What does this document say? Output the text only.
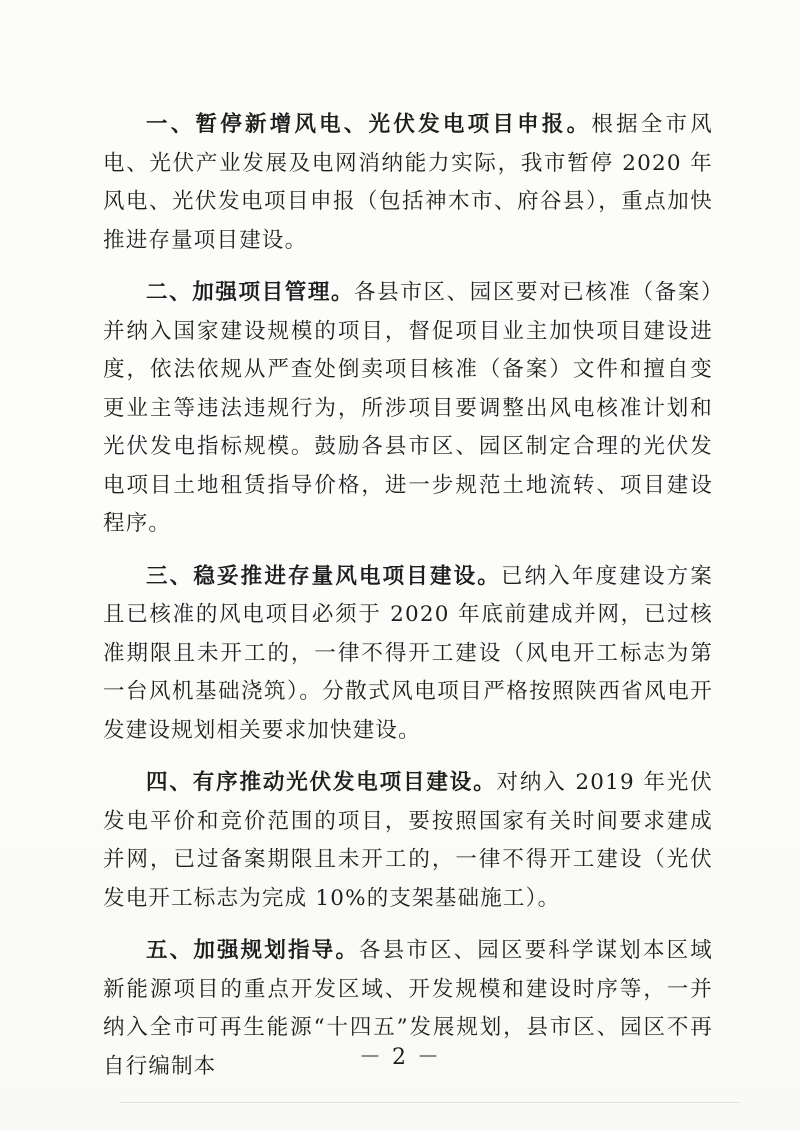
一、暂停新增风电、光伏发电项目申报。根据全市风电、光伏产业发展及电网消纳能力实际，我市暂停 2020 年风电、光伏发电项目申报（包括神木市、府谷县），重点加快推进存量项目建设。

二、加强项目管理。各县市区、园区要对已核准（备案）并纳入国家建设规模的项目，督促项目业主加快项目建设进度，依法依规从严查处倒卖项目核准（备案）文件和擅自变更业主等违法违规行为，所涉项目要调整出风电核准计划和光伏发电指标规模。鼓励各县市区、园区制定合理的光伏发电项目土地租赁指导价格，进一步规范土地流转、项目建设程序。

三、稳妥推进存量风电项目建设。已纳入年度建设方案且已核准的风电项目必须于 2020 年底前建成并网，已过核准期限且未开工的，一律不得开工建设（风电开工标志为第一台风机基础浇筑）。分散式风电项目严格按照陕西省风电开发建设规划相关要求加快建设。

四、有序推动光伏发电项目建设。对纳入 2019 年光伏发电平价和竞价范围的项目，要按照国家有关时间要求建成并网，已过备案期限且未开工的，一律不得开工建设（光伏发电开工标志为完成 10%的支架基础施工）。

五、加强规划指导。各县市区、园区要科学谋划本区域新能源项目的重点开发区域、开发规模和建设时序等，一并纳入全市可再生能源“十四五”发展规划，县市区、园区不再自行编制本	－ 2 －
